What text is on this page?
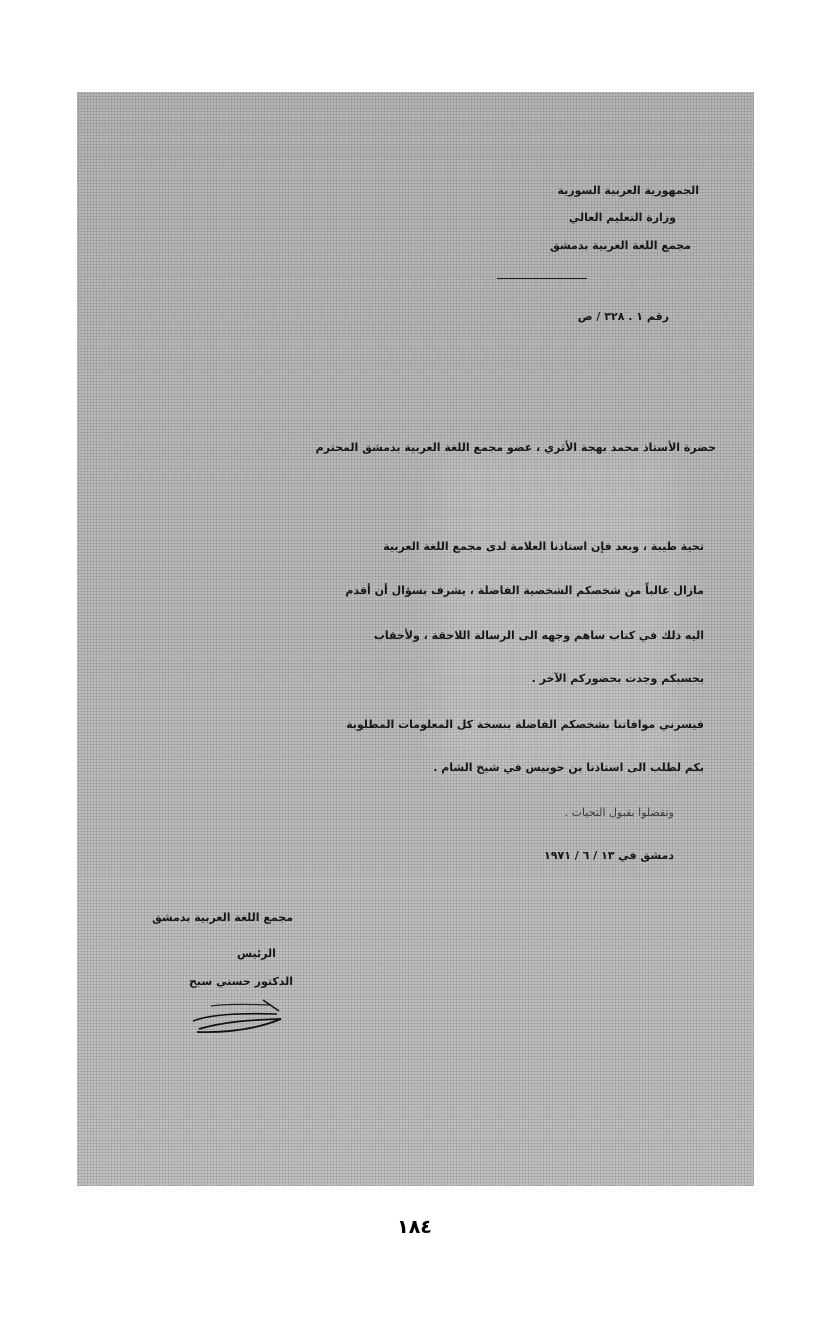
الجمهورية العربية السورية
وزارة التعليم العالي
مجمع اللغة العربية بدمشق
رقم ١ . ٣٢٨ / ص
حضرة الأستاذ محمد بهجة الأثري ، عضو مجمع اللغة العربية بدمشق المحترم
تحية طيبة ، وبعد فإن استاذنا العلامة لدى مجمع اللغة العربية
مازال غالباً من شخصكم الشخصية الفاضلة ، يشرف بسؤال أن أقدم
اليه ذلك في كتاب ساهم وجهه الى الرسالة اللاحقة ، ولأحقاب
بحسبكم وجدت بحضوركم الآخر .
فيسرني موافاتنا بشخصكم الفاضلة بنسخة كل المعلومات المطلوبة
بكم لطلب الى استاذنا بن حوبيس في شيخ الشام .
وتفضلوا بقبول التحيات .
دمشق في ١٣ / ٦ / ١٩٧١
مجمع اللغة العربية بدمشق
الرئيس
الدكتور حسني سبح
١٨٤
